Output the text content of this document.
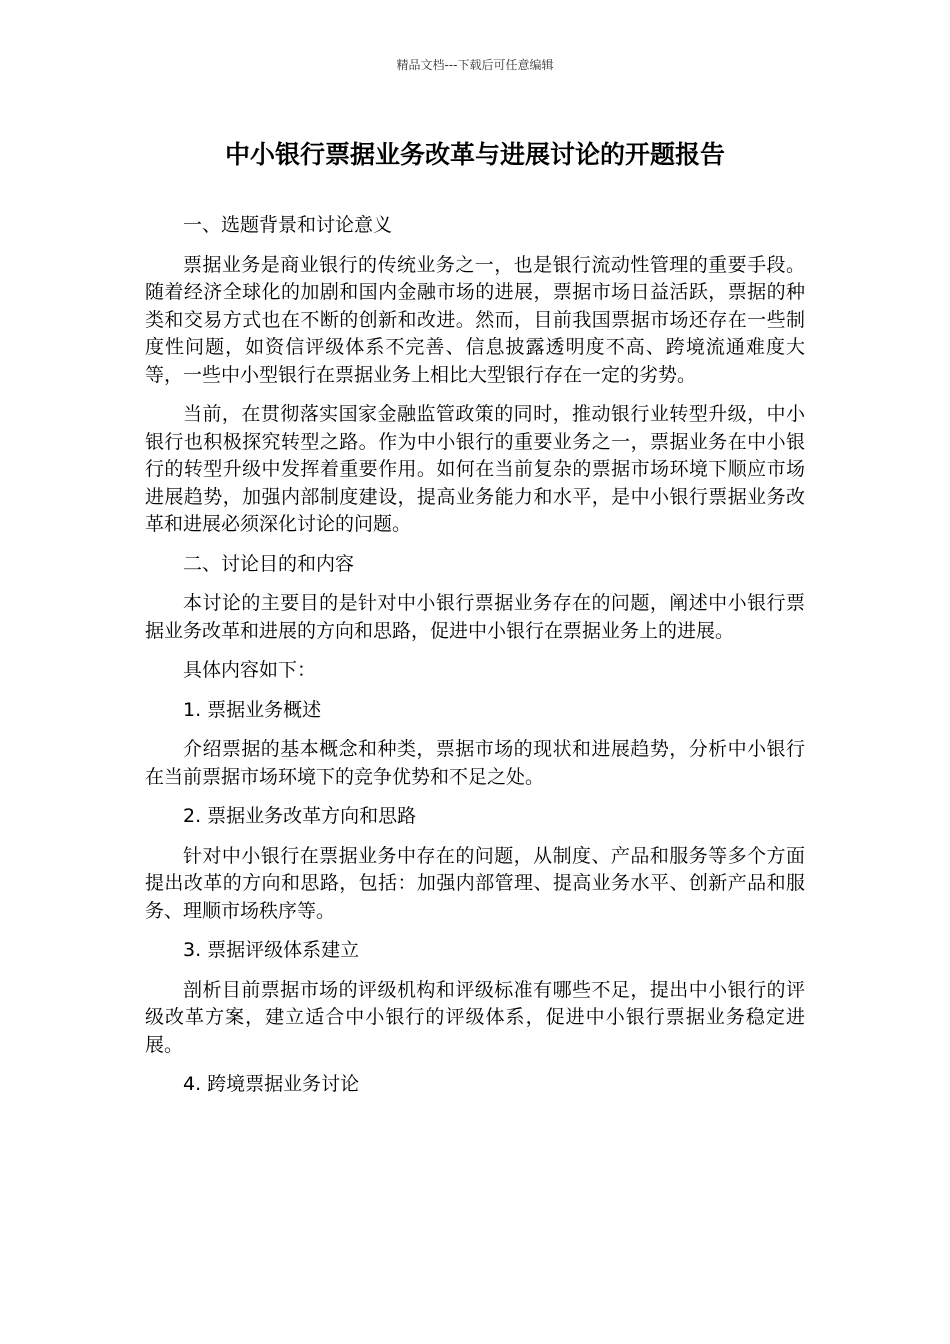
精品文档---下载后可任意编辑
中小银行票据业务改革与进展讨论的开题报告

一、选题背景和讨论意义

票据业务是商业银行的传统业务之一，也是银行流动性管理的重要手段。随着经济全球化的加剧和国内金融市场的进展，票据市场日益活跃，票据的种类和交易方式也在不断的创新和改进。然而，目前我国票据市场还存在一些制度性问题，如资信评级体系不完善、信息披露透明度不高、跨境流通难度大等，一些中小型银行在票据业务上相比大型银行存在一定的劣势。

当前，在贯彻落实国家金融监管政策的同时，推动银行业转型升级，中小银行也积极探究转型之路。作为中小银行的重要业务之一，票据业务在中小银行的转型升级中发挥着重要作用。如何在当前复杂的票据市场环境下顺应市场进展趋势，加强内部制度建设，提高业务能力和水平，是中小银行票据业务改革和进展必须深化讨论的问题。

二、讨论目的和内容

本讨论的主要目的是针对中小银行票据业务存在的问题，阐述中小银行票据业务改革和进展的方向和思路，促进中小银行在票据业务上的进展。

具体内容如下：

1. 票据业务概述

介绍票据的基本概念和种类，票据市场的现状和进展趋势，分析中小银行在当前票据市场环境下的竞争优势和不足之处。

2. 票据业务改革方向和思路

针对中小银行在票据业务中存在的问题，从制度、产品和服务等多个方面提出改革的方向和思路，包括：加强内部管理、提高业务水平、创新产品和服务、理顺市场秩序等。

3. 票据评级体系建立

剖析目前票据市场的评级机构和评级标准有哪些不足，提出中小银行的评级改革方案，建立适合中小银行的评级体系，促进中小银行票据业务稳定进展。

4. 跨境票据业务讨论
